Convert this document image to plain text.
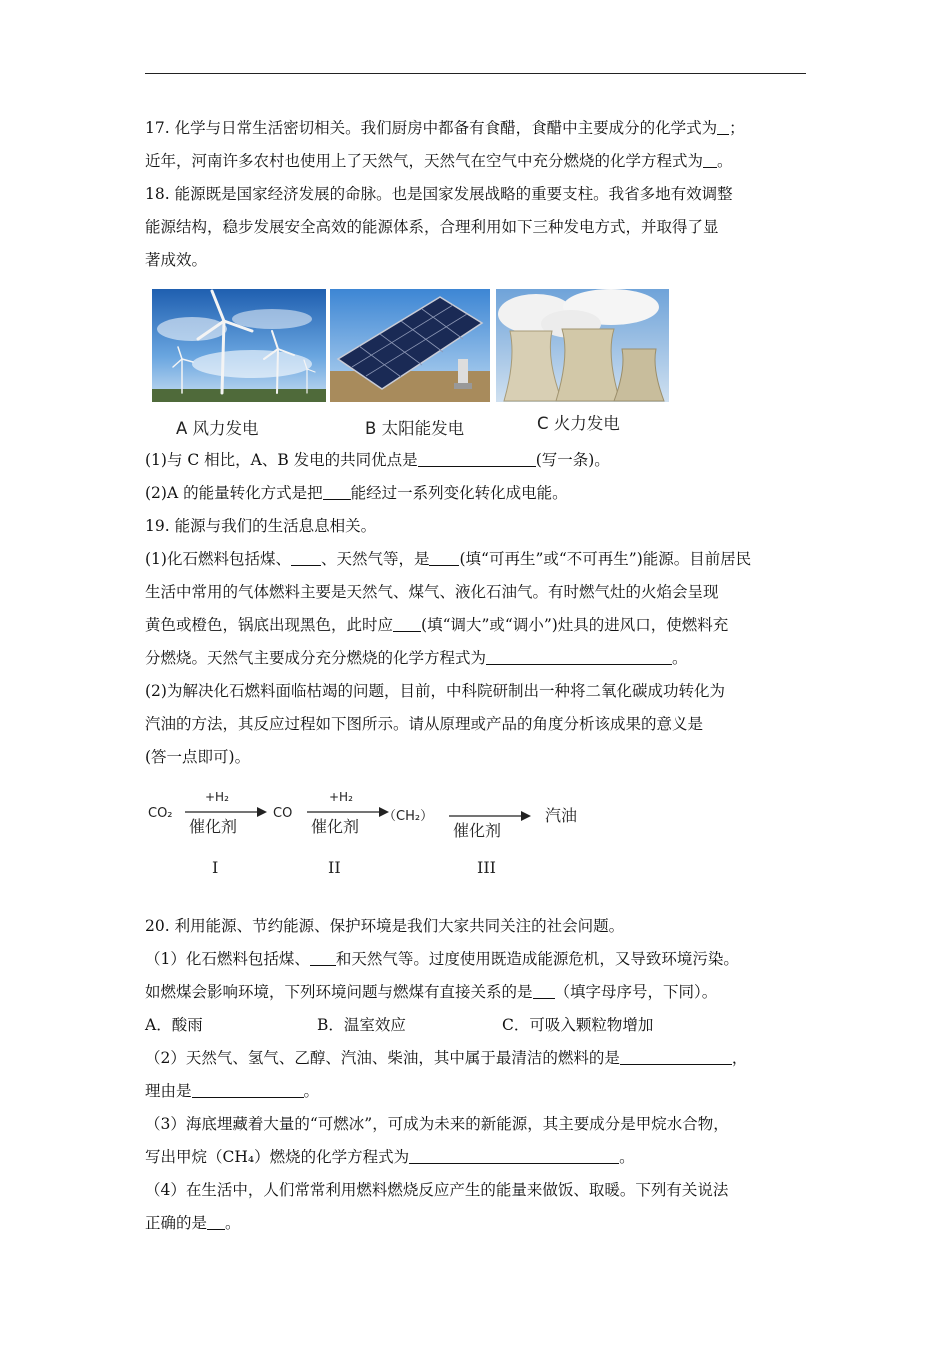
17. 化学与日常生活密切相关。我们厨房中都备有食醋，食醋中主要成分的化学式为 ；
近年，河南许多农村也使用上了天然气，天然气在空气中充分燃烧的化学方程式为 。
18. 能源既是国家经济发展的命脉。也是国家发展战略的重要支柱。我省多地有效调整
能源结构，稳步发展安全高效的能源体系，合理利用如下三种发电方式，并取得了显
著成效。
A 风力发电	B 太阳能发电	C 火力发电
(1)与 C 相比，A、B 发电的共同优点是	(写一条)。
(2)A 的能量转化方式是把 能经过一系列变化转化成电能。
19. 能源与我们的生活息息相关。
(1)化石燃料包括煤、 、天然气等，是 (填“可再生”或“不可再生”)能源。目前居民
生活中常用的气体燃料主要是天然气、煤气、液化石油气。有时燃气灶的火焰会呈现
黄色或橙色，锅底出现黑色，此时应 (填“调大”或“调小”)灶具的进风口，使燃料充
分燃烧。天然气主要成分充分燃烧的化学方程式为	。
(2)为解决化石燃料面临枯竭的问题，目前，中科院研制出一种将二氧化碳成功转化为
汽油的方法，其反应过程如下图所示。请从原理或产品的角度分析该成果的意义是
(答一点即可)。
CO₂
+H₂
催化剂
CO
+H₂
催化剂
（CH₂）
催化剂
汽油
I	II	III
20. 利用能源、节约能源、保护环境是我们大家共同关注的社会问题。
（1）化石燃料包括煤、 和天然气等。过度使用既造成能源危机，又导致环境污染。
如燃煤会影响环境，下列环境问题与燃煤有直接关系的是 （填字母序号，下同）。
A．酸雨	B．温室效应	C．可吸入颗粒物增加
（2）天然气、氢气、乙醇、汽油、柴油，其中属于最清洁的燃料的是	，
理由是	。
（3）海底埋藏着大量的“可燃冰”，可成为未来的新能源，其主要成分是甲烷水合物，
写出甲烷（CH₄）燃烧的化学方程式为	。
（4）在生活中，人们常常利用燃料燃烧反应产生的能量来做饭、取暖。下列有关说法
正确的是 。
